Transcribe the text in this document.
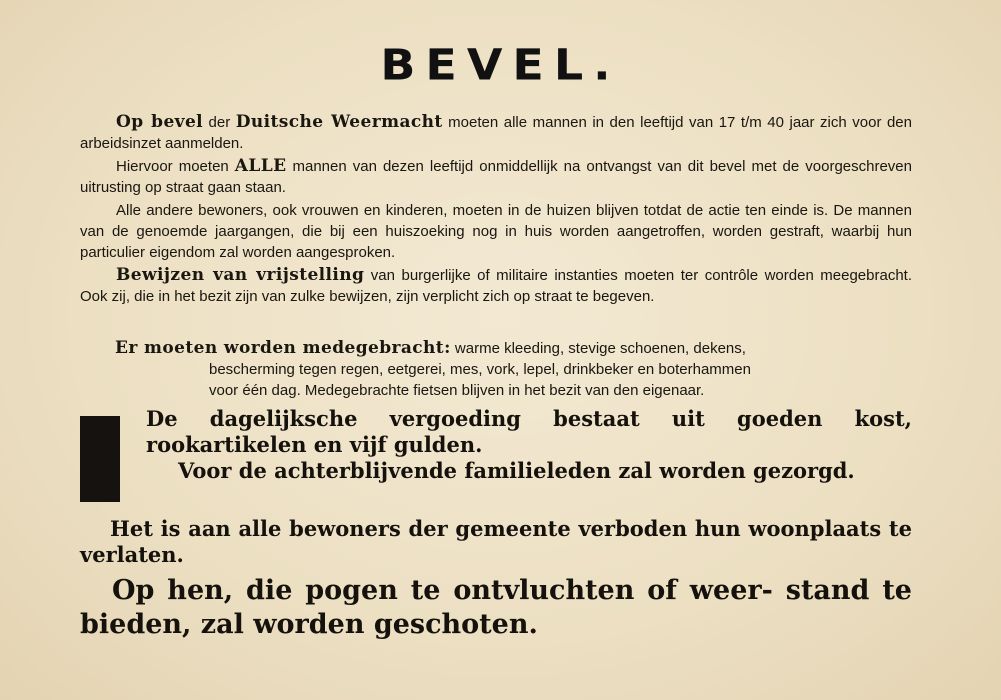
BEVEL.
Op bevel der Duitsche Weermacht moeten alle mannen in den leeftijd van 17 t/m 40 jaar zich voor den arbeidsinzet aanmelden.
Hiervoor moeten ALLE mannen van dezen leeftijd onmiddellijk na ontvangst van dit bevel met de voorgeschreven uitrusting op straat gaan staan.
Alle andere bewoners, ook vrouwen en kinderen, moeten in de huizen blijven totdat de actie ten einde is. De mannen van de genoemde jaargangen, die bij een huiszoeking nog in huis worden aangetroffen, worden gestraft, waarbij hun particulier eigendom zal worden aangesproken.
Bewijzen van vrijstelling van burgerlijke of militaire instanties moeten ter contrôle worden meegebracht. Ook zij, die in het bezit zijn van zulke bewijzen, zijn verplicht zich op straat te begeven.
Er moeten worden medegebracht: warme kleeding, stevige schoenen, dekens,
bescherming tegen regen, eetgerei, mes, vork, lepel, drinkbeker en boterhammen
voor één dag. Medegebrachte fietsen blijven in het bezit van den eigenaar.
De dagelijksche vergoeding bestaat uit goeden kost, rookartikelen en vijf gulden.
Voor de achterblijvende familieleden zal worden gezorgd.
Het is aan alle bewoners der gemeente verboden hun woonplaats te verlaten.
Op hen, die pogen te ontvluchten of weer- stand te bieden, zal worden geschoten.
